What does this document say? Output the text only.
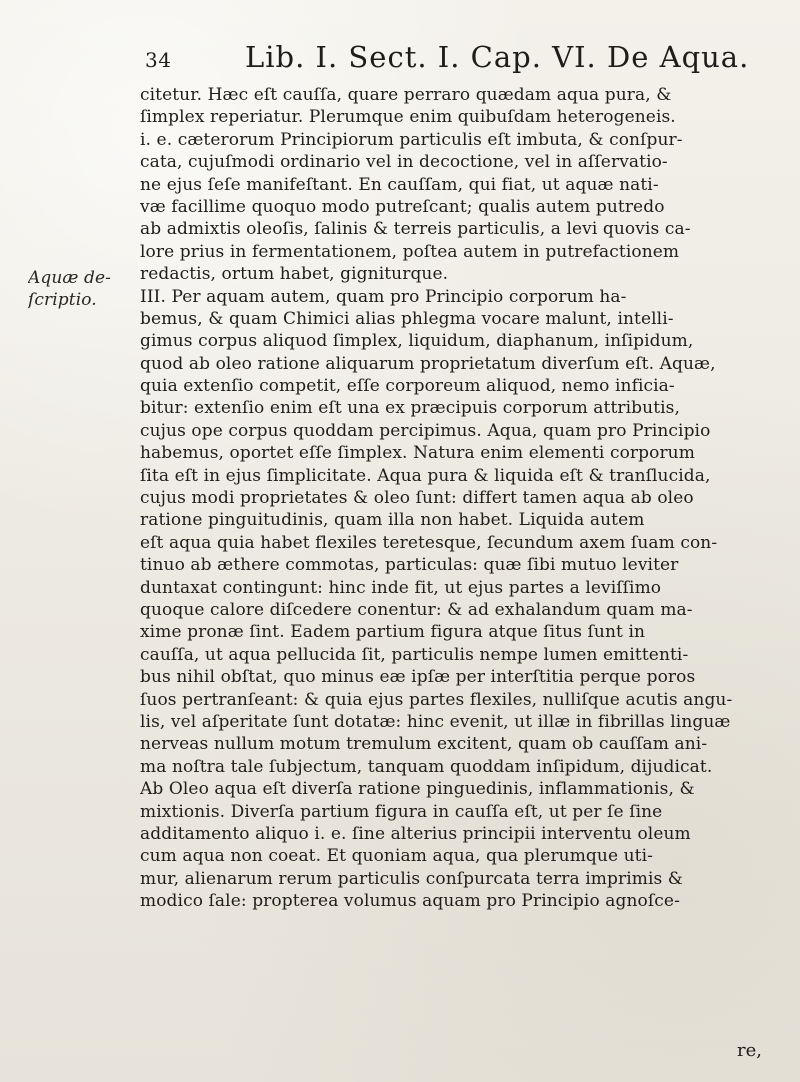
34	Lib. I. Sect. I. Cap. VI. De Aqua.
Aquæ de-
ſcriptio.
citetur. Hæc eſt cauſſa, quare perraro quædam aqua pura, &
ſimplex reperiatur. Plerumque enim quibuſdam heterogeneis.
i. e. cæterorum Principiorum particulis eſt imbuta, & conſpur-
cata, cujuſmodi ordinario vel in decoctione, vel in aſſervatio-
ne ejus ſeſe manifeſtant. En cauſſam, qui fiat, ut aquæ nati-
væ facillime quoquo modo putreſcant; qualis autem putredo
ab admixtis oleoſis, ſalinis & terreis particulis, a levi quovis ca-
lore prius in fermentationem, poſtea autem in putrefactionem
redactis, ortum habet, gigniturque.
III. Per aquam autem, quam pro Principio corporum ha-
bemus, & quam Chimici alias phlegma vocare malunt, intelli-
gimus corpus aliquod ſimplex, liquidum, diaphanum, inſipidum,
quod ab oleo ratione aliquarum proprietatum diverſum eſt. Aquæ,
quia extenſio competit, eſſe corporeum aliquod, nemo inficia-
bitur: extenſio enim eſt una ex præcipuis corporum attributis,
cujus ope corpus quoddam percipimus. Aqua, quam pro Principio
habemus, oportet eſſe ſimplex. Natura enim elementi corporum
ſita eſt in ejus ſimplicitate. Aqua pura & liquida eſt & tranſlucida,
cujus modi proprietates & oleo ſunt: differt tamen aqua ab oleo
ratione pinguitudinis, quam illa non habet. Liquida autem
eſt aqua quia habet flexiles teretesque, ſecundum axem ſuam con-
tinuo ab æthere commotas, particulas: quæ ſibi mutuo leviter
duntaxat contingunt: hinc inde fit, ut ejus partes a leviſſimo
quoque calore diſcedere conentur: & ad exhalandum quam ma-
xime pronæ ſint. Eadem partium figura atque ſitus ſunt in
cauſſa, ut aqua pellucida ſit, particulis nempe lumen emittenti-
bus nihil obſtat, quo minus eæ ipſæ per interſtitia perque poros
ſuos pertranſeant: & quia ejus partes flexiles, nulliſque acutis angu-
lis, vel aſperitate ſunt dotatæ: hinc evenit, ut illæ in fibrillas linguæ
nerveas nullum motum tremulum excitent, quam ob cauſſam ani-
ma noſtra tale ſubjectum, tanquam quoddam inſipidum, dijudicat.
Ab Oleo aqua eſt diverſa ratione pinguedinis, inflammationis, &
mixtionis. Diverſa partium figura in cauſſa eſt, ut per ſe ſine
additamento aliquo i. e. ſine alterius principii interventu oleum
cum aqua non coeat. Et quoniam aqua, qua plerumque uti-
mur, alienarum rerum particulis conſpurcata terra imprimis &
modico ſale: propterea volumus aquam pro Principio agnoſce-
re,
